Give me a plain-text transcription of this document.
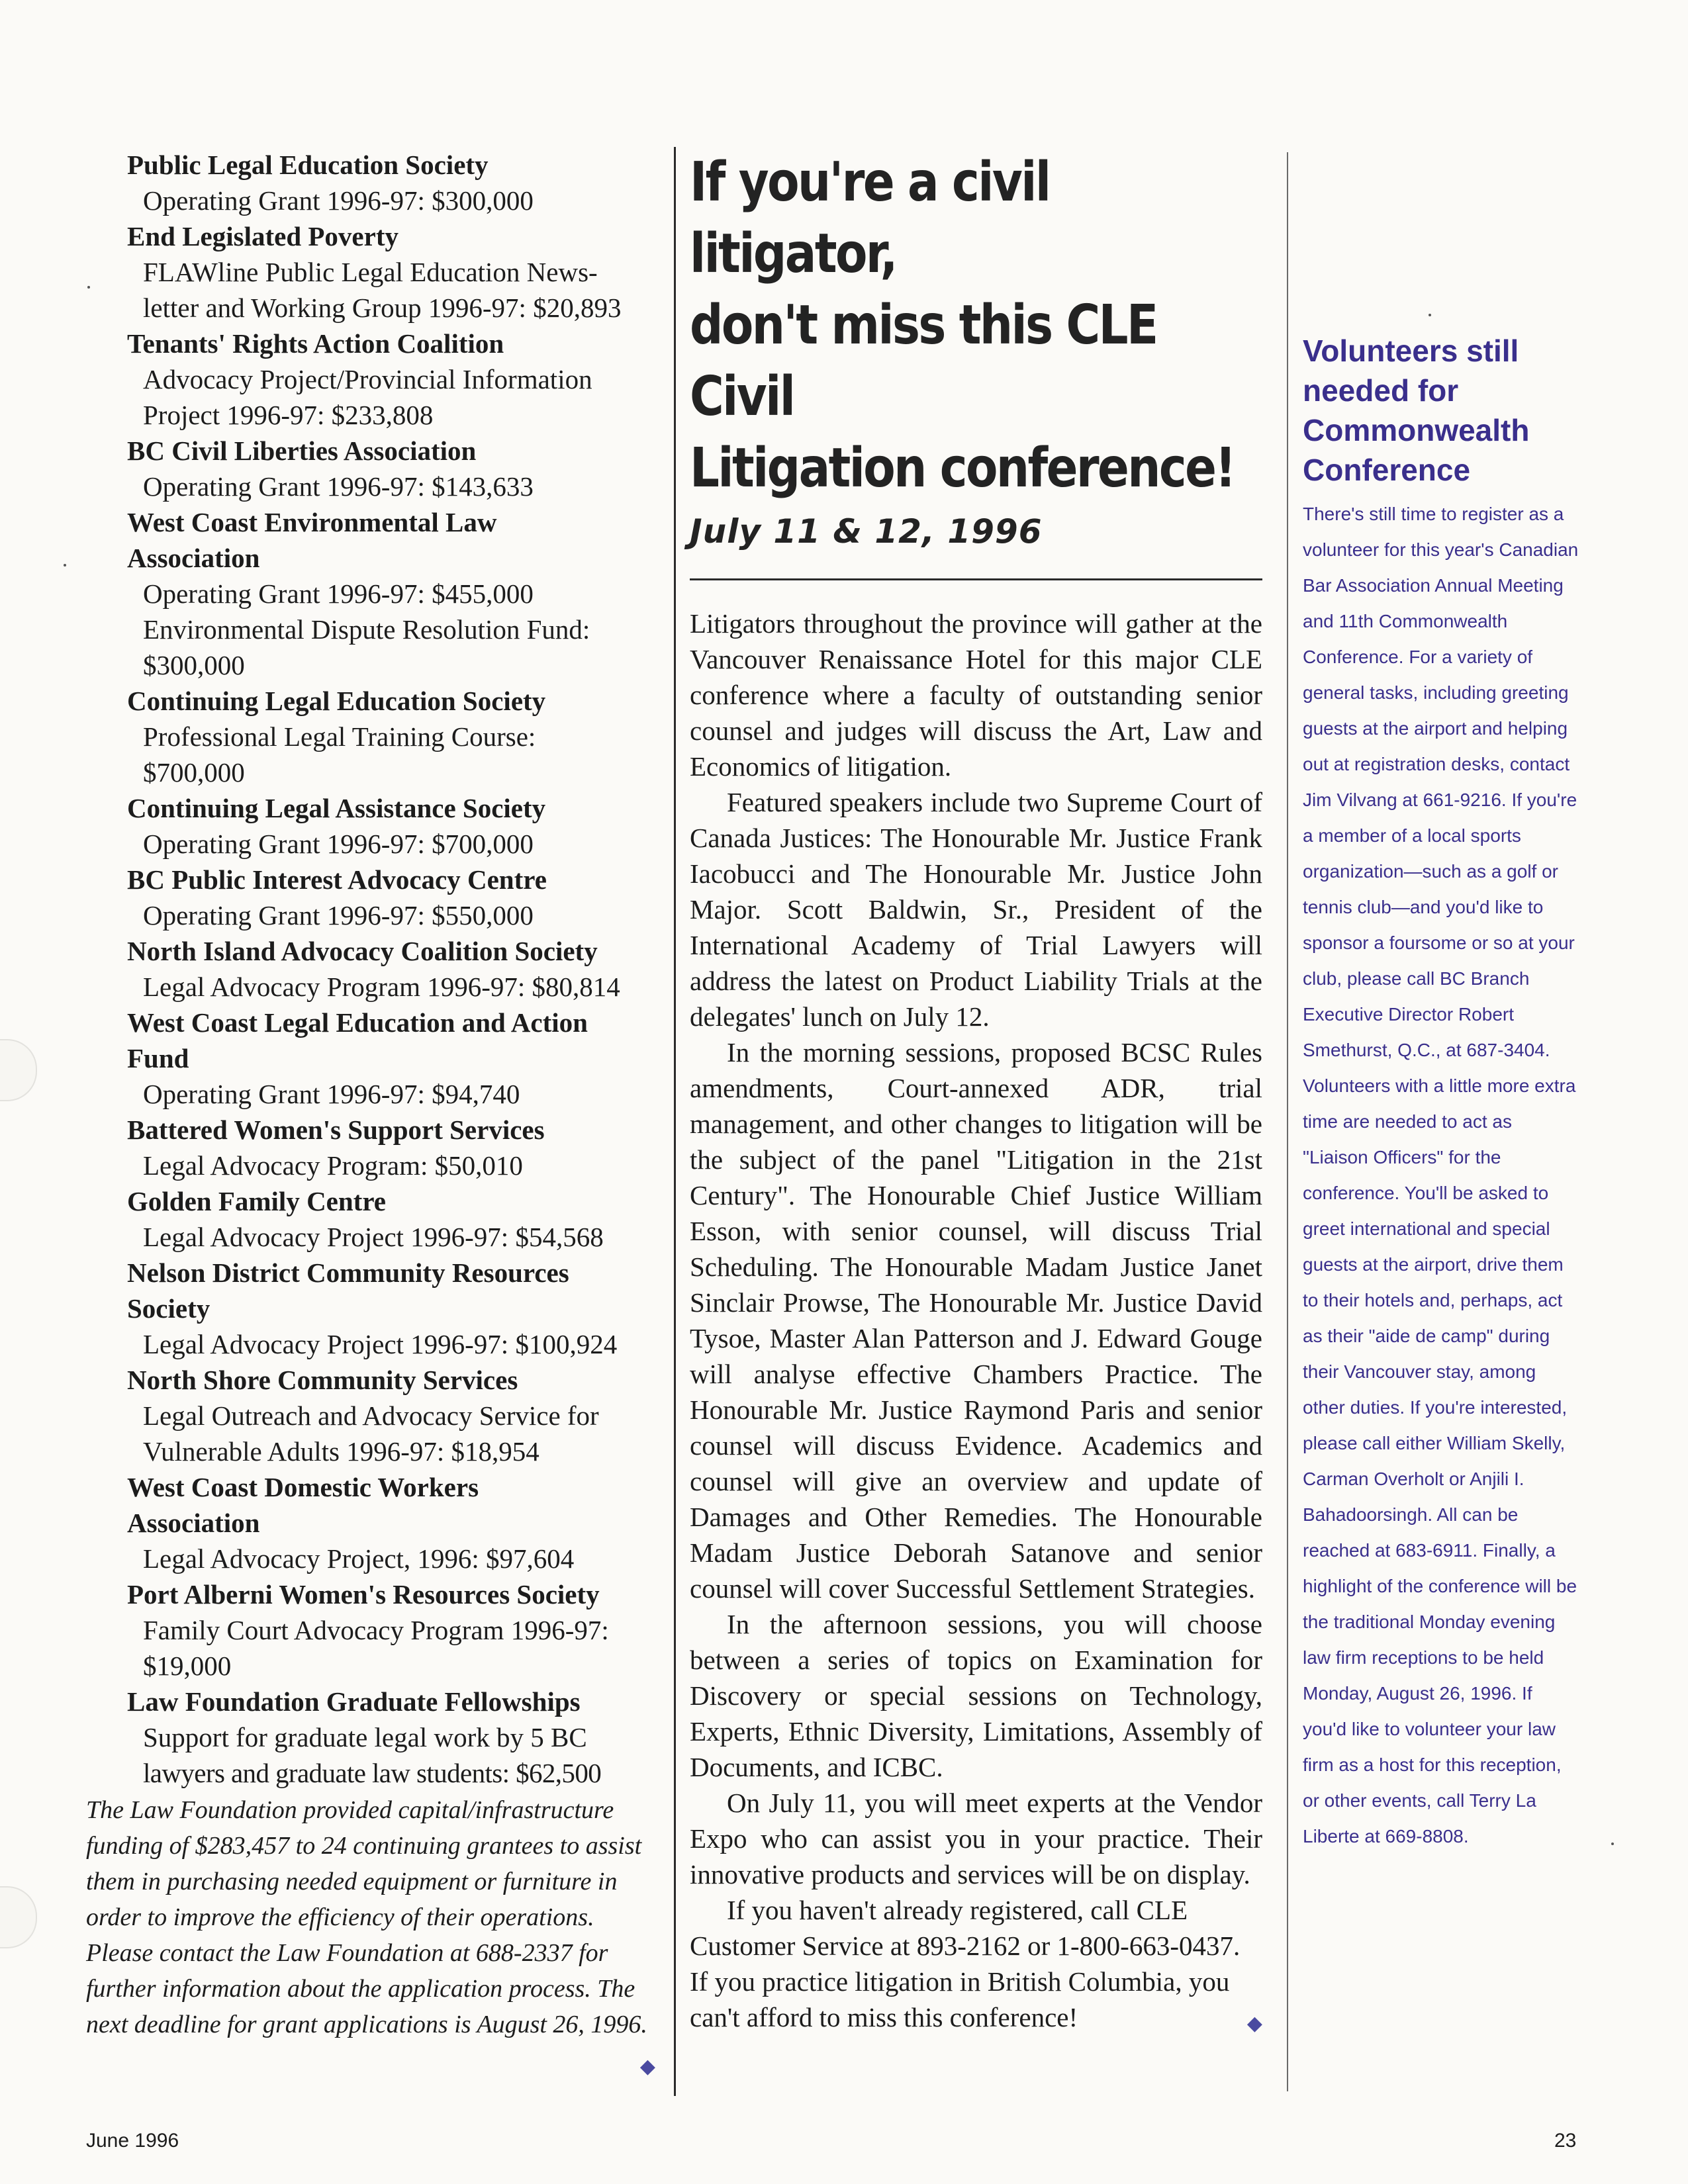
Public Legal Education Society
Operating Grant 1996-97: $300,000
End Legislated Poverty
FLAWline Public Legal Education News-
letter and Working Group 1996-97: $20,893
Tenants' Rights Action Coalition
Advocacy Project/Provincial Information
Project 1996-97: $233,808
BC Civil Liberties Association
Operating Grant 1996-97: $143,633
West Coast Environmental Law Association
Operating Grant 1996-97: $455,000
Environmental Dispute Resolution Fund:
$300,000
Continuing Legal Education Society
Professional Legal Training Course:
$700,000
Continuing Legal Assistance Society
Operating Grant 1996-97: $700,000
BC Public Interest Advocacy Centre
Operating Grant 1996-97: $550,000
North Island Advocacy Coalition Society
Legal Advocacy Program 1996-97: $80,814
West Coast Legal Education and Action Fund
Operating Grant 1996-97: $94,740
Battered Women's Support Services
Legal Advocacy Program: $50,010
Golden Family Centre
Legal Advocacy Project 1996-97: $54,568
Nelson District Community Resources Society
Legal Advocacy Project 1996-97: $100,924
North Shore Community Services
Legal Outreach and Advocacy Service for
Vulnerable Adults 1996-97: $18,954
West Coast Domestic Workers Association
Legal Advocacy Project, 1996: $97,604
Port Alberni Women's Resources Society
Family Court Advocacy Program 1996-97:
$19,000
Law Foundation Graduate Fellowships
Support for graduate legal work by 5 BC
lawyers and graduate law students: $62,500
The Law Foundation provided capital/infrastructure funding of $283,457 to 24 continuing grantees to assist them in purchasing needed equipment or furniture in order to improve the efficiency of their operations. Please contact the Law Foundation at 688-2337 for further information about the application process. The next deadline for grant applications is August 26, 1996.
◆
If you're a civil litigator,
don't miss this CLE Civil
Litigation conference!
July 11 & 12, 1996

Litigators throughout the province will gather at the Vancouver Renaissance Hotel for this major CLE conference where a faculty of outstanding senior counsel and judges will discuss the Art, Law and Economics of litigation.

Featured speakers include two Supreme Court of Canada Justices: The Honourable Mr. Justice Frank Iacobucci and The Honourable Mr. Justice John Major. Scott Baldwin, Sr., President of the International Academy of Trial Lawyers will address the latest on Product Liability Trials at the delegates' lunch on July 12.

In the morning sessions, proposed BCSC Rules amendments, Court-annexed ADR, trial management, and other changes to litigation will be the subject of the panel "Litigation in the 21st Century". The Honourable Chief Justice William Esson, with senior counsel, will discuss Trial Scheduling. The Honourable Madam Justice Janet Sinclair Prowse, The Honourable Mr. Justice David Tysoe, Master Alan Patterson and J. Edward Gouge will analyse effective Chambers Practice. The Honourable Mr. Justice Raymond Paris and senior counsel will discuss Evidence. Academics and counsel will give an overview and update of Damages and Other Remedies. The Honourable Madam Justice Deborah Satanove and senior counsel will cover Successful Settlement Strategies.

In the afternoon sessions, you will choose between a series of topics on Examination for Discovery or special sessions on Technology, Experts, Ethnic Diversity, Limitations, Assembly of Documents, and ICBC.

On July 11, you will meet experts at the Vendor Expo who can assist you in your practice. Their innovative products and services will be on display.

If you haven't already registered, call CLE Customer Service at 893-2162 or 1-800-663-0437. If you practice litigation in British Columbia, you can't afford to miss this conference!	◆

Volunteers still needed for Commonwealth Conference
There's still time to register as a volunteer for this year's Canadian Bar Association Annual Meeting and 11th Commonwealth Conference. For a variety of general tasks, including greeting guests at the airport and helping out at registration desks, contact Jim Vilvang at 661-9216. If you're a member of a local sports organization—such as a golf or tennis club—and you'd like to sponsor a foursome or so at your club, please call BC Branch Executive Director Robert Smethurst, Q.C., at 687-3404. Volunteers with a little more extra time are needed to act as "Liaison Officers" for the conference. You'll be asked to greet international and special guests at the airport, drive them to their hotels and, perhaps, act as their "aide de camp" during their Vancouver stay, among other duties. If you're interested, please call either William Skelly, Carman Overholt or Anjili I. Bahadoorsingh. All can be reached at 683-6911. Finally, a highlight of the conference will be the traditional Monday evening law firm receptions to be held Monday, August 26, 1996. If you'd like to volunteer your law firm as a host for this reception, or other events, call Terry La Liberte at 669-8808.
June 1996	23
